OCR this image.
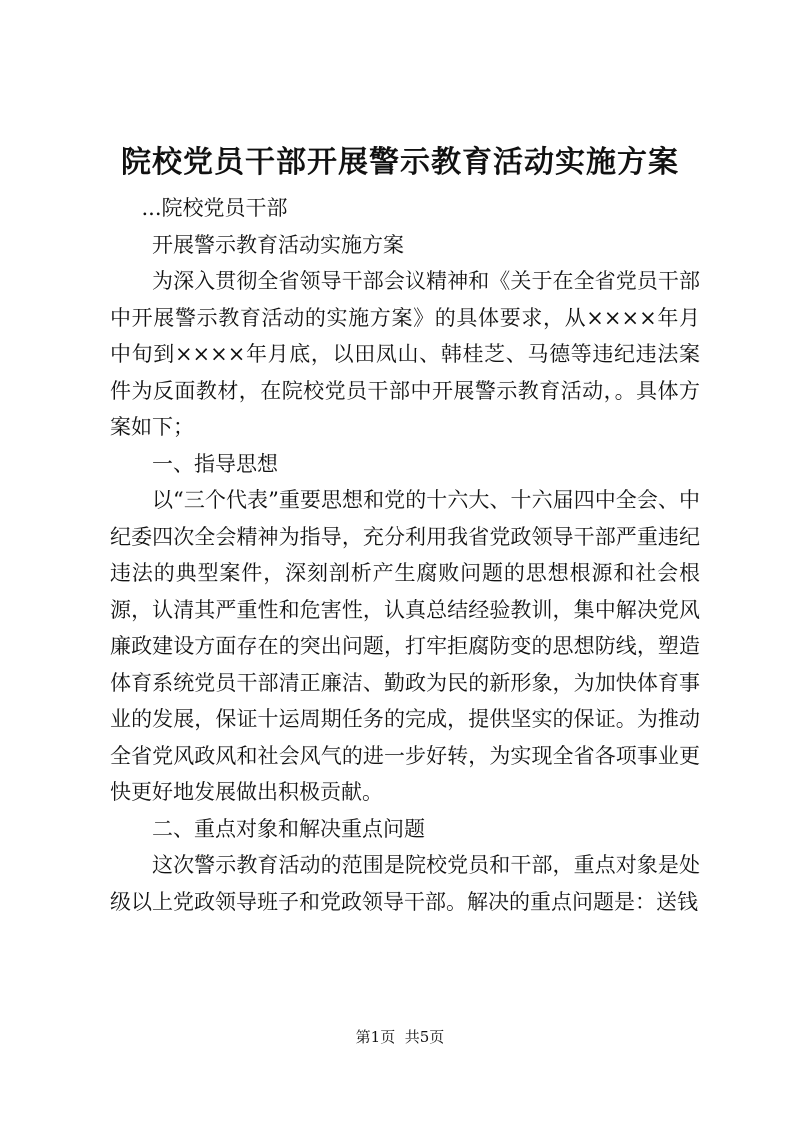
院校党员干部开展警示教育活动实施方案

...院校党员干部

开展警示教育活动实施方案

为深入贯彻全省领导干部会议精神和《关于在全省党员干部中开展警示教育活动的实施方案》的具体要求，从××××年月中旬到××××年月底，以田凤山、韩桂芝、马德等违纪违法案件为反面教材，在院校党员干部中开展警示教育活动，。具体方案如下；

一、指导思想

以“三个代表”重要思想和党的十六大、十六届四中全会、中纪委四次全会精神为指导，充分利用我省党政领导干部严重违纪违法的典型案件，深刻剖析产生腐败问题的思想根源和社会根源，认清其严重性和危害性，认真总结经验教训，集中解决党风廉政建设方面存在的突出问题，打牢拒腐防变的思想防线，塑造体育系统党员干部清正廉洁、勤政为民的新形象，为加快体育事业的发展，保证十运周期任务的完成，提供坚实的保证。为推动全省党风政风和社会风气的进一步好转，为实现全省各项事业更快更好地发展做出积极贡献。

二、重点对象和解决重点问题

这次警示教育活动的范围是院校党员和干部，重点对象是处级以上党政领导班子和党政领导干部。解决的重点问题是：送钱

第1页 共5页
